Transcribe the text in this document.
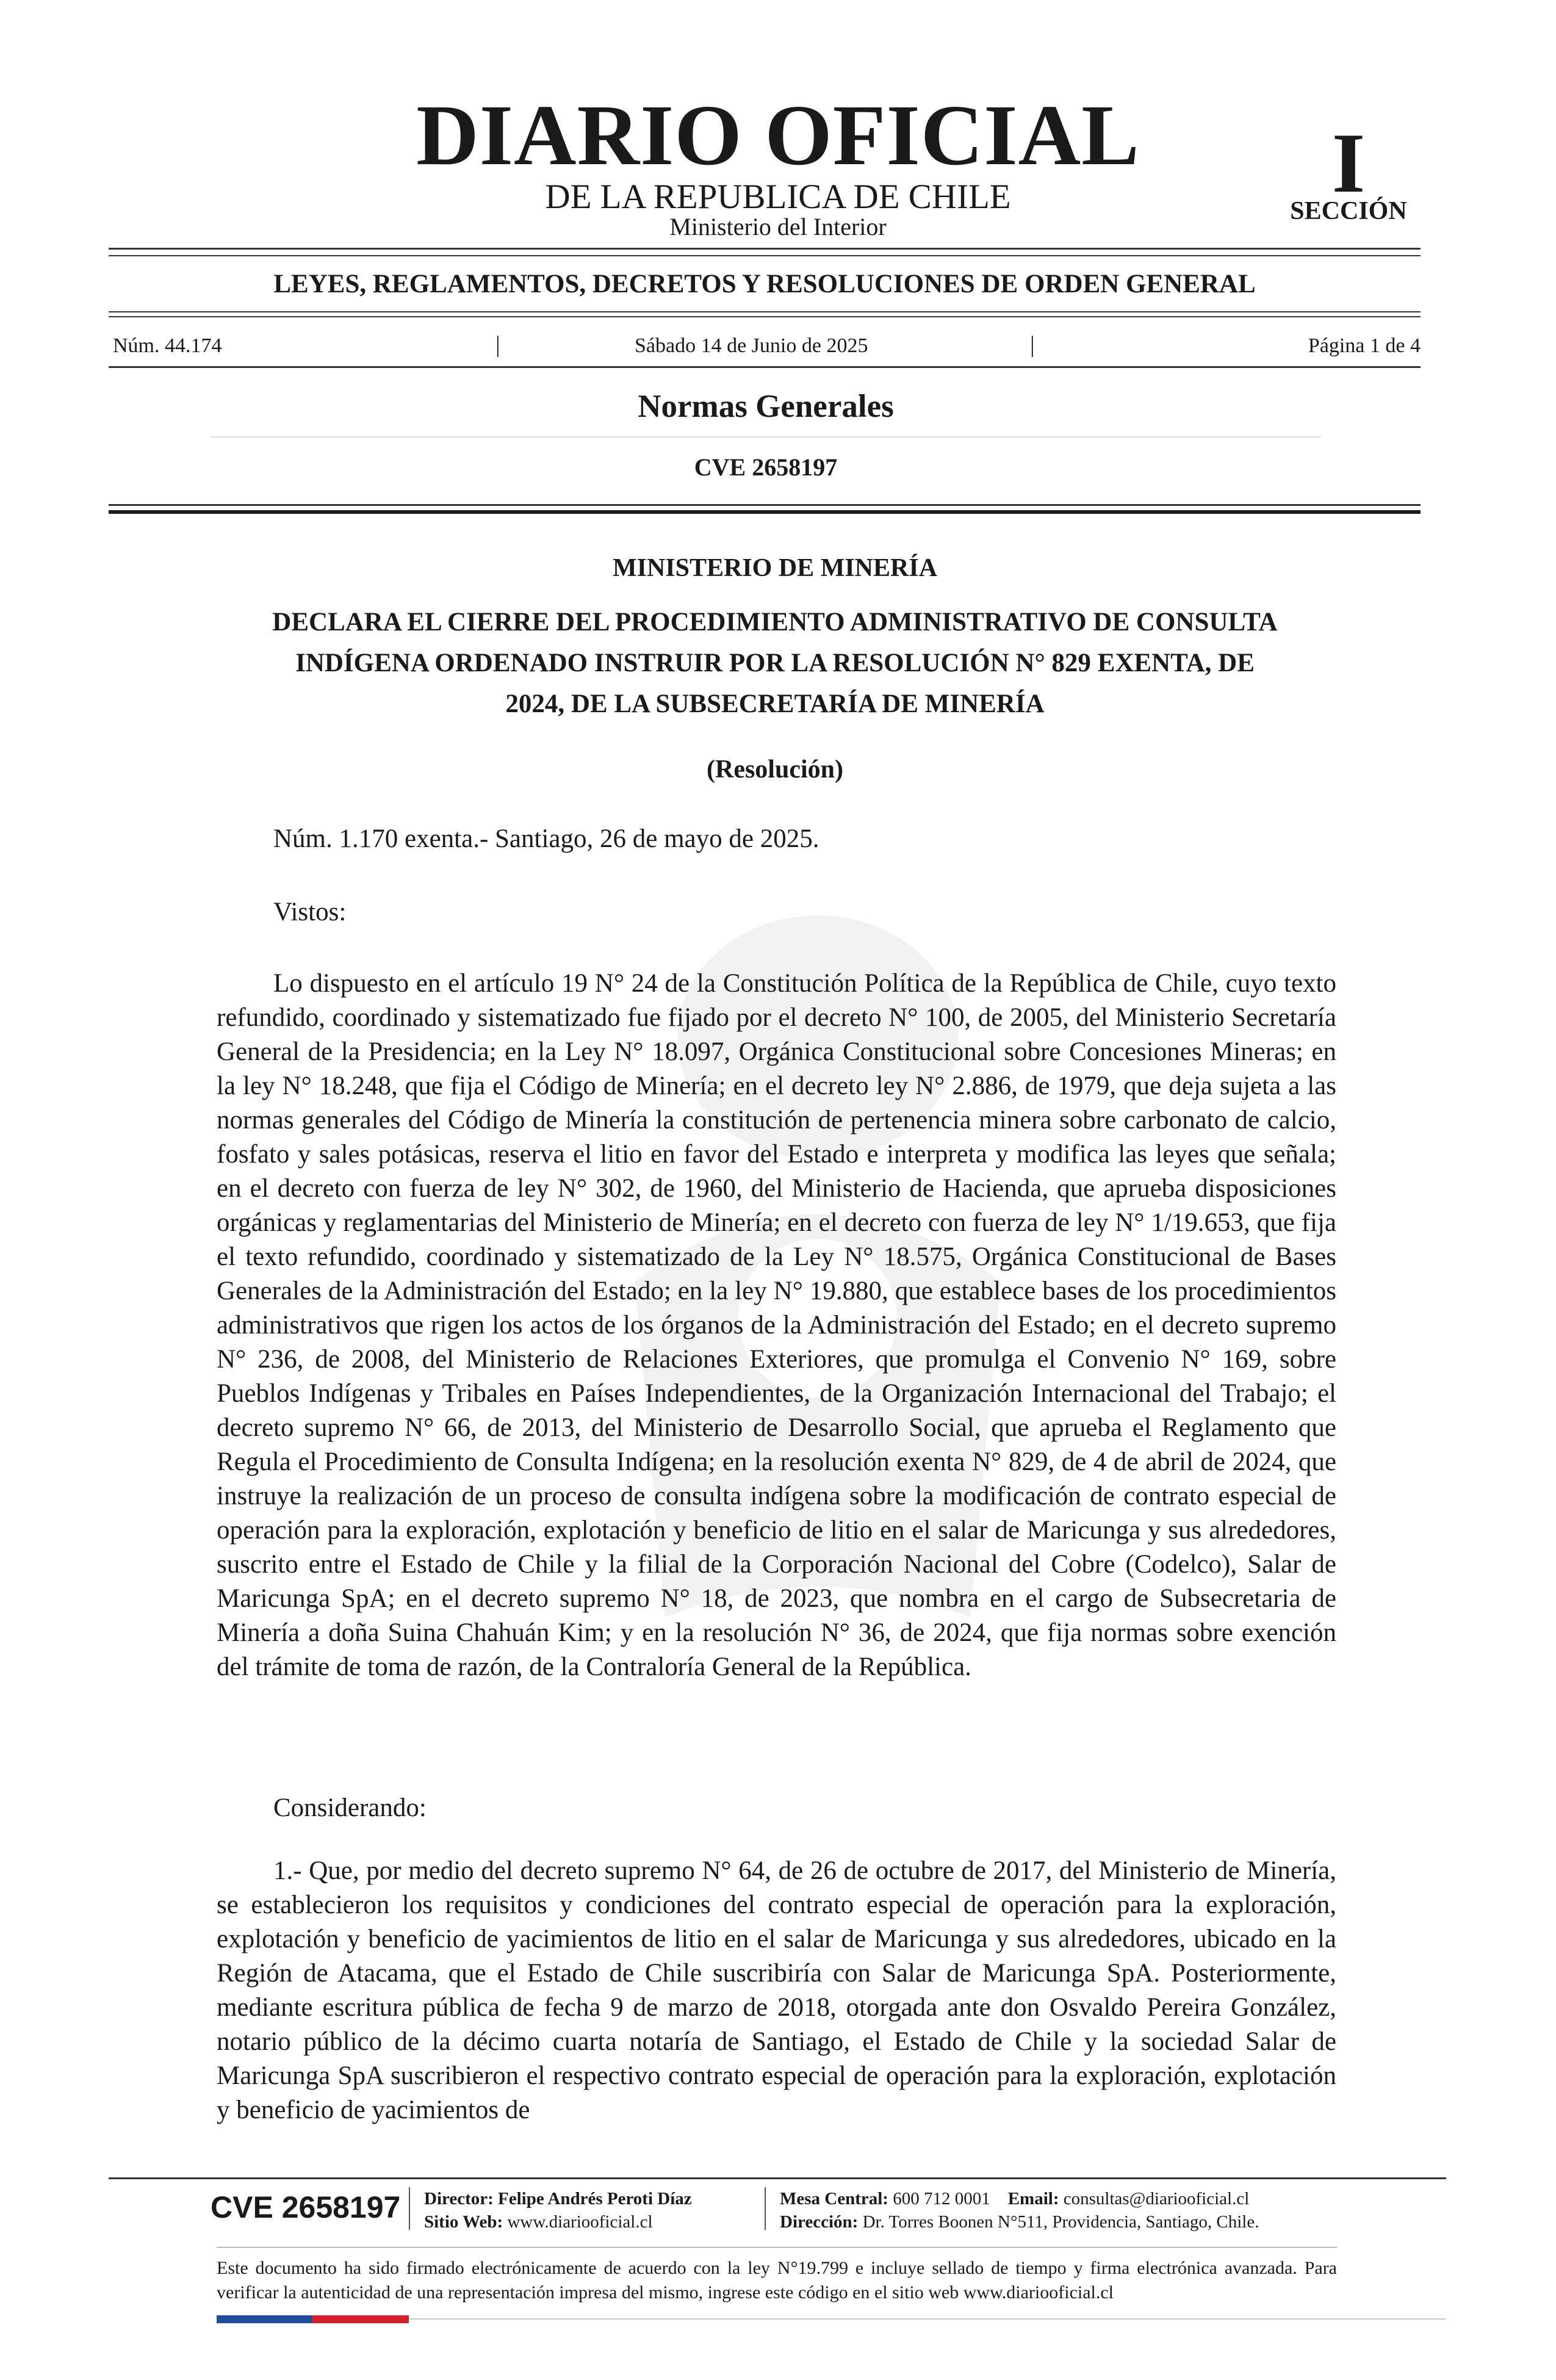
DIARIO OFICIAL
DE LA REPUBLICA DE CHILE
Ministerio del Interior
I
SECCIÓN
LEYES, REGLAMENTOS, DECRETOS Y RESOLUCIONES DE ORDEN GENERAL
Núm. 44.174	|	Sábado 14 de Junio de 2025	|	Página 1 de 4
Normas Generales
CVE 2658197
MINISTERIO DE MINERÍA
DECLARA EL CIERRE DEL PROCEDIMIENTO ADMINISTRATIVO DE CONSULTA
INDÍGENA ORDENADO INSTRUIR POR LA RESOLUCIÓN N° 829 EXENTA, DE
2024, DE LA SUBSECRETARÍA DE MINERÍA
(Resolución)
Núm. 1.170 exenta.- Santiago, 26 de mayo de 2025.
Vistos:
Lo dispuesto en el artículo 19 N° 24 de la Constitución Política de la República de Chile, cuyo texto refundido, coordinado y sistematizado fue fijado por el decreto N° 100, de 2005, del Ministerio Secretaría General de la Presidencia; en la Ley N° 18.097, Orgánica Constitucional sobre Concesiones Mineras; en la ley N° 18.248, que fija el Código de Minería; en el decreto ley N° 2.886, de 1979, que deja sujeta a las normas generales del Código de Minería la constitución de pertenencia minera sobre carbonato de calcio, fosfato y sales potásicas, reserva el litio en favor del Estado e interpreta y modifica las leyes que señala; en el decreto con fuerza de ley N° 302, de 1960, del Ministerio de Hacienda, que aprueba disposiciones orgánicas y reglamentarias del Ministerio de Minería; en el decreto con fuerza de ley N° 1/19.653, que fija el texto refundido, coordinado y sistematizado de la Ley N° 18.575, Orgánica Constitucional de Bases Generales de la Administración del Estado; en la ley N° 19.880, que establece bases de los procedimientos administrativos que rigen los actos de los órganos de la Administración del Estado; en el decreto supremo N° 236, de 2008, del Ministerio de Relaciones Exteriores, que promulga el Convenio N° 169, sobre Pueblos Indígenas y Tribales en Países Independientes, de la Organización Internacional del Trabajo; el decreto supremo N° 66, de 2013, del Ministerio de Desarrollo Social, que aprueba el Reglamento que Regula el Procedimiento de Consulta Indígena; en la resolución exenta N° 829, de 4 de abril de 2024, que instruye la realización de un proceso de consulta indígena sobre la modificación de contrato especial de operación para la exploración, explotación y beneficio de litio en el salar de Maricunga y sus alrededores, suscrito entre el Estado de Chile y la filial de la Corporación Nacional del Cobre (Codelco), Salar de Maricunga SpA; en el decreto supremo N° 18, de 2023, que nombra en el cargo de Subsecretaria de Minería a doña Suina Chahuán Kim; y en la resolución N° 36, de 2024, que fija normas sobre exención del trámite de toma de razón, de la Contraloría General de la República.
Considerando:
1.- Que, por medio del decreto supremo N° 64, de 26 de octubre de 2017, del Ministerio de Minería, se establecieron los requisitos y condiciones del contrato especial de operación para la exploración, explotación y beneficio de yacimientos de litio en el salar de Maricunga y sus alrededores, ubicado en la Región de Atacama, que el Estado de Chile suscribiría con Salar de Maricunga SpA. Posteriormente, mediante escritura pública de fecha 9 de marzo de 2018, otorgada ante don Osvaldo Pereira González, notario público de la décimo cuarta notaría de Santiago, el Estado de Chile y la sociedad Salar de Maricunga SpA suscribieron el respectivo contrato especial de operación para la exploración, explotación y beneficio de yacimientos de
CVE 2658197 Director: Felipe Andrés Peroti Díaz
Sitio Web: www.diariooficial.cl
Mesa Central: 600 712 0001 Email: consultas@diariooficial.cl
Dirección: Dr. Torres Boonen N°511, Providencia, Santiago, Chile.
Este documento ha sido firmado electrónicamente de acuerdo con la ley N°19.799 e incluye sellado de tiempo y firma electrónica avanzada. Para verificar la autenticidad de una representación impresa del mismo, ingrese este código en el sitio web www.diariooficial.cl
